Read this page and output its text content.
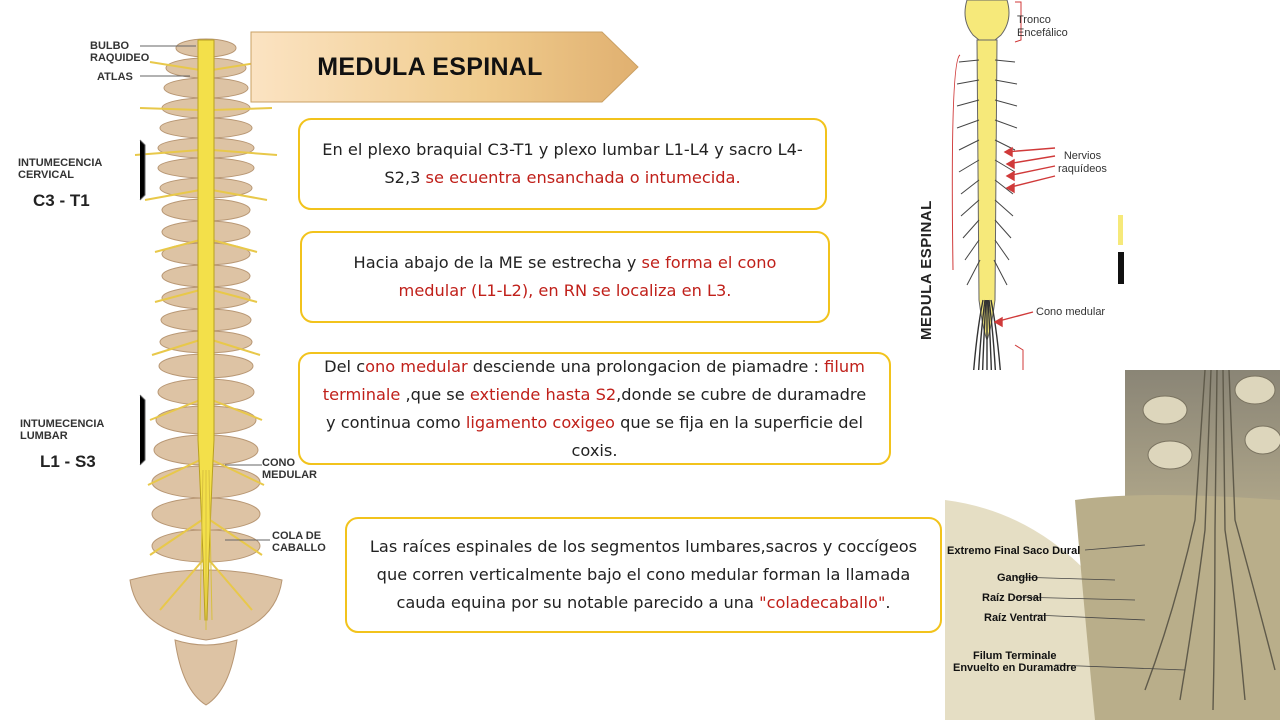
BULBO
RAQUIDEO
ATLAS
INTUMECENCIA
CERVICAL
C3 - T1
INTUMECENCIA
LUMBAR
L1 - S3	CONO
MEDULAR
COLA DE
CABALLO
MEDULA ESPINAL
En el plexo braquial C3-T1 y plexo lumbar L1-L4 y sacro L4-S2,3 se ecuentra ensanchada o intumecida.
Hacia abajo de la ME se estrecha y se forma el cono medular (L1-L2), en RN se localiza en L3.
Del cono medular desciende una prolongacion de piamadre : filum terminale ,que se extiende hasta S2,donde se cubre de duramadre y continua como ligamento coxigeo que se fija en la superficie del coxis.
Las raíces espinales de los segmentos lumbares,sacros y coccígeos que corren verticalmente bajo el cono medular forman la llamada cauda equina por su notable parecido a una "coladecaballo".
Tronco
Encefálico
Nervios
raquídeos
Cono medular
MEDULA ESPINAL
Extremo Final Saco Dural
Ganglio
Raíz Dorsal
Raíz Ventral
Filum Terminale
Envuelto en Duramadre
